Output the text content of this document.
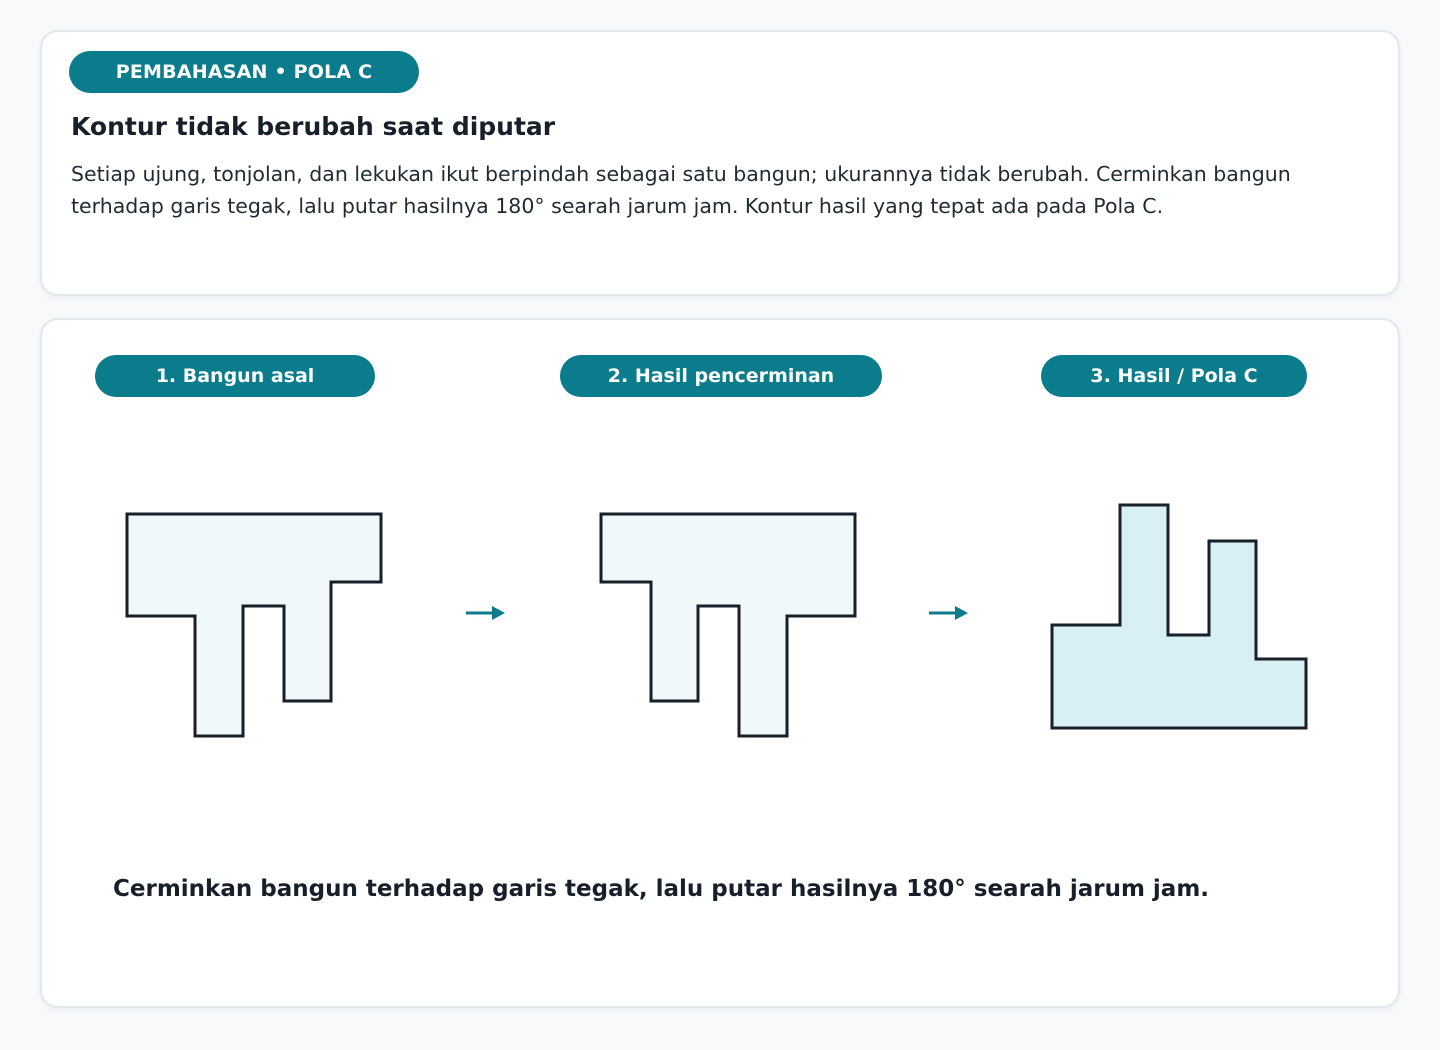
PEMBAHASAN • POLA C
Kontur tidak berubah saat diputar

Setiap ujung, tonjolan, dan lekukan ikut berpindah sebagai satu bangun; ukurannya tidak berubah. Cerminkan bangun terhadap garis tegak, lalu putar hasilnya 180° searah jarum jam. Kontur hasil yang tepat ada pada Pola C.

1. Bangun asal	2. Hasil pencerminan	3. Hasil / Pola C

Cerminkan bangun terhadap garis tegak, lalu putar hasilnya 180° searah jarum jam.
